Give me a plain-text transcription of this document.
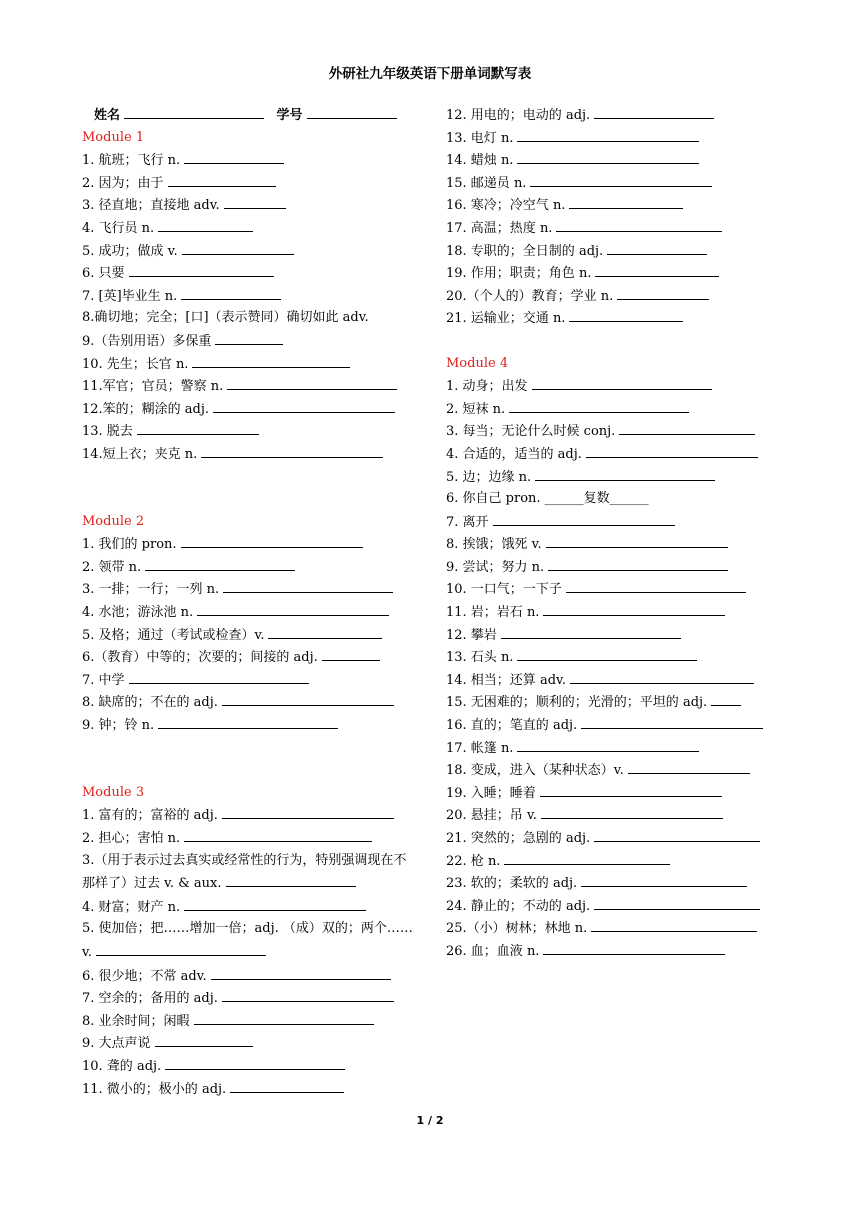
外研社九年级英语下册单词默写表
姓名	学号
Module 1
1. 航班；飞行 n.
2. 因为；由于
3. 径直地；直接地 adv.
4. 飞行员 n.
5. 成功；做成 v.
6. 只要
7. [英]毕业生 n.
8.确切地；完全；[口]（表示赞同）确切如此 adv.
9.（告别用语）多保重
10. 先生；长官 n.
11.军官；官员；警察 n.
12.笨的；糊涂的 adj.
13. 脱去
14.短上衣；夹克 n.
Module 2
1. 我们的 pron.
2. 领带 n.
3. 一排；一行；一列 n.
4. 水池；游泳池 n.
5. 及格；通过（考试或检查）v.
6.（教育）中等的；次要的；间接的 adj.
7. 中学
8. 缺席的；不在的 adj.
9. 钟；铃 n.
Module 3
1. 富有的；富裕的 adj.
2. 担心；害怕 n.
3.（用于表示过去真实或经常性的行为，特别强调现在不那样了）过去 v. & aux.
4. 财富；财产 n.
5. 使加倍；把……增加一倍；adj. （成）双的；两个……v.
6. 很少地；不常 adv.
7. 空余的；备用的 adj.
8. 业余时间；闲暇
9. 大点声说
10. 聋的 adj.
11. 微小的；极小的 adj.
12. 用电的；电动的 adj.
13. 电灯 n.
14. 蜡烛 n.
15. 邮递员 n.
16. 寒冷；冷空气 n.
17. 高温；热度 n.
18. 专职的；全日制的 adj.
19. 作用；职责；角色 n.
20.（个人的）教育；学业 n.
21. 运输业；交通 n.
Module 4
1. 动身；出发
2. 短袜 n.
3. 每当；无论什么时候 conj.
4. 合适的，适当的 adj.
5. 边；边缘 n.
6. 你自己 pron. ______复数______
7. 离开
8. 挨饿；饿死 v.
9. 尝试；努力 n.
10. 一口气；一下子
11. 岩；岩石 n.
12. 攀岩
13. 石头 n.
14. 相当；还算 adv.
15. 无困难的；顺利的；光滑的；平坦的 adj.
16. 直的；笔直的 adj.
17. 帐篷 n.
18. 变成，进入（某种状态）v.
19. 入睡；睡着
20. 悬挂；吊 v.
21. 突然的；急剧的 adj.
22. 枪 n.
23. 软的；柔软的 adj.
24. 静止的；不动的 adj.
25.（小）树林；林地 n.
26. 血；血液 n.
1 / 2
